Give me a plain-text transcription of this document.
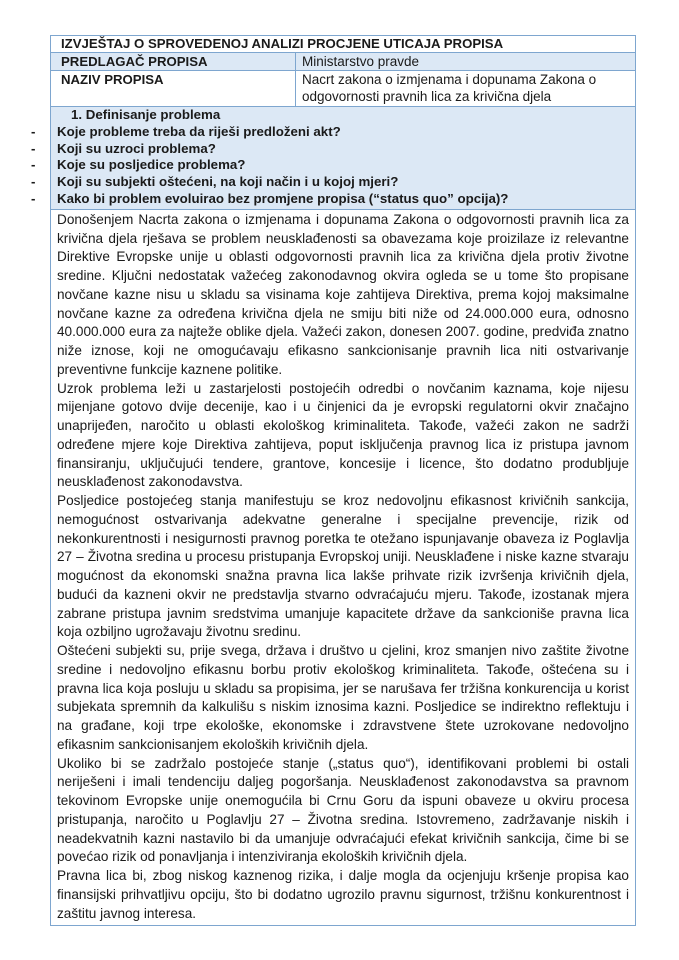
IZVJEŠTAJ O SPROVEDENOJ ANALIZI PROCJENE UTICAJA PROPISA	
PREDLAGAČ PROPISA	Ministarstvo pravde
NAZIV PROPISA	Nacrt zakona o izmjenama i dopunama Zakona o odgovornosti pravnih lica za krivična djela

1. Definisanje problema
- Koje probleme treba da riješi predloženi akt?
- Koji su uzroci problema?
- Koje su posljedice problema?
- Koji su subjekti oštećeni, na koji način i u kojoj mjeri?
- Kako bi problem evoluirao bez promjene propisa (“status quo” opcija)?

Donošenjem Nacrta zakona o izmjenama i dopunama Zakona o odgovornosti pravnih lica za krivična djela rješava se problem neusklađenosti sa obavezama koje proizilaze iz relevantne Direktive Evropske unije u oblasti odgovornosti pravnih lica za krivična djela protiv životne sredine. Ključni nedostatak važećeg zakonodavnog okvira ogleda se u tome što propisane novčane kazne nisu u skladu sa visinama koje zahtijeva Direktiva, prema kojoj maksimalne novčane kazne za određena krivična djela ne smiju biti niže od 24.000.000 eura, odnosno 40.000.000 eura za najteže oblike djela. Važeći zakon, donesen 2007. godine, predviđa znatno niže iznose, koji ne omogućavaju efikasno sankcionisanje pravnih lica niti ostvarivanje preventivne funkcije kaznene politike.

Uzrok problema leži u zastarjelosti postojećih odredbi o novčanim kaznama, koje nijesu mijenjane gotovo dvije decenije, kao i u činjenici da je evropski regulatorni okvir značajno unaprijeđen, naročito u oblasti ekološkog kriminaliteta. Takođe, važeći zakon ne sadrži određene mjere koje Direktiva zahtijeva, poput isključenja pravnog lica iz pristupa javnom finansiranju, uključujući tendere, grantove, koncesije i licence, što dodatno produbljuje neusklađenost zakonodavstva.

Posljedice postojećeg stanja manifestuju se kroz nedovoljnu efikasnost krivičnih sankcija, nemogućnost ostvarivanja adekvatne generalne i specijalne prevencije, rizik od nekonkurentnosti i nesigurnosti pravnog poretka te otežano ispunjavanje obaveza iz Poglavlja 27 – Životna sredina u procesu pristupanja Evropskoj uniji. Neusklađene i niske kazne stvaraju mogućnost da ekonomski snažna pravna lica lakše prihvate rizik izvršenja krivičnih djela, budući da kazneni okvir ne predstavlja stvarno odvraćajuću mjeru. Takođe, izostanak mjera zabrane pristupa javnim sredstvima umanjuje kapacitete države da sankcioniše pravna lica koja ozbiljno ugrožavaju životnu sredinu.

Oštećeni subjekti su, prije svega, država i društvo u cjelini, kroz smanjen nivo zaštite životne sredine i nedovoljno efikasnu borbu protiv ekološkog kriminaliteta. Takođe, oštećena su i pravna lica koja posluju u skladu sa propisima, jer se narušava fer tržišna konkurencija u korist subjekata spremnih da kalkulišu s niskim iznosima kazni. Posljedice se indirektno reflektuju i na građane, koji trpe ekološke, ekonomske i zdravstvene štete uzrokovane nedovoljno efikasnim sankcionisanjem ekoloških krivičnih djela.

Ukoliko bi se zadržalo postojeće stanje („status quo“), identifikovani problemi bi ostali neriješeni i imali tendenciju daljeg pogoršanja. Neusklađenost zakonodavstva sa pravnom tekovinom Evropske unije onemogućila bi Crnu Goru da ispuni obaveze u okviru procesa pristupanja, naročito u Poglavlju 27 – Životna sredina. Istovremeno, zadržavanje niskih i neadekvatnih kazni nastavilo bi da umanjuje odvraćajući efekat krivičnih sankcija, čime bi se povećao rizik od ponavljanja i intenziviranja ekoloških krivičnih djela.

Pravna lica bi, zbog niskog kaznenog rizika, i dalje mogla da ocjenjuju kršenje propisa kao finansijski prihvatljivu opciju, što bi dodatno ugrozilo pravnu sigurnost, tržišnu konkurentnost i zaštitu javnog interesa.
